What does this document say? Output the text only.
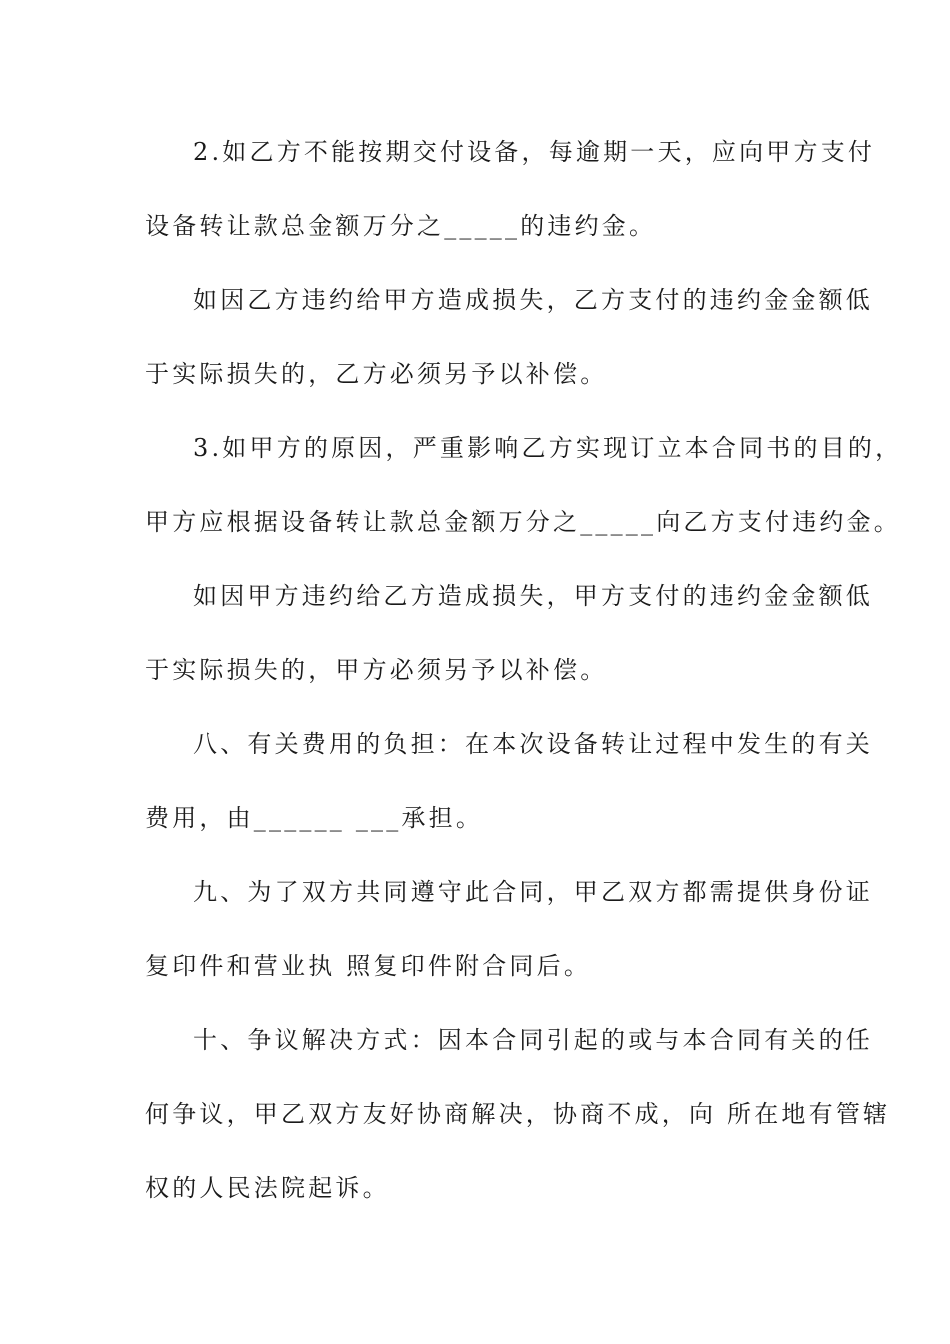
2.如乙方不能按期交付设备，每逾期一天，应向甲方支付
设备转让款总金额万分之_____的违约金。
如因乙方违约给甲方造成损失，乙方支付的违约金金额低
于实际损失的，乙方必须另予以补偿。
3.如甲方的原因，严重影响乙方实现订立本合同书的目的，
甲方应根据设备转让款总金额万分之_____向乙方支付违约金。
如因甲方违约给乙方造成损失，甲方支付的违约金金额低
于实际损失的，甲方必须另予以补偿。
八、有关费用的负担：在本次设备转让过程中发生的有关
费用，由______ ___承担。
九、为了双方共同遵守此合同，甲乙双方都需提供身份证
复印件和营业执 照复印件附合同后。
十、争议解决方式：因本合同引起的或与本合同有关的任
何争议，甲乙双方友好协商解决，协商不成，向 所在地有管辖
权的人民法院起诉。
